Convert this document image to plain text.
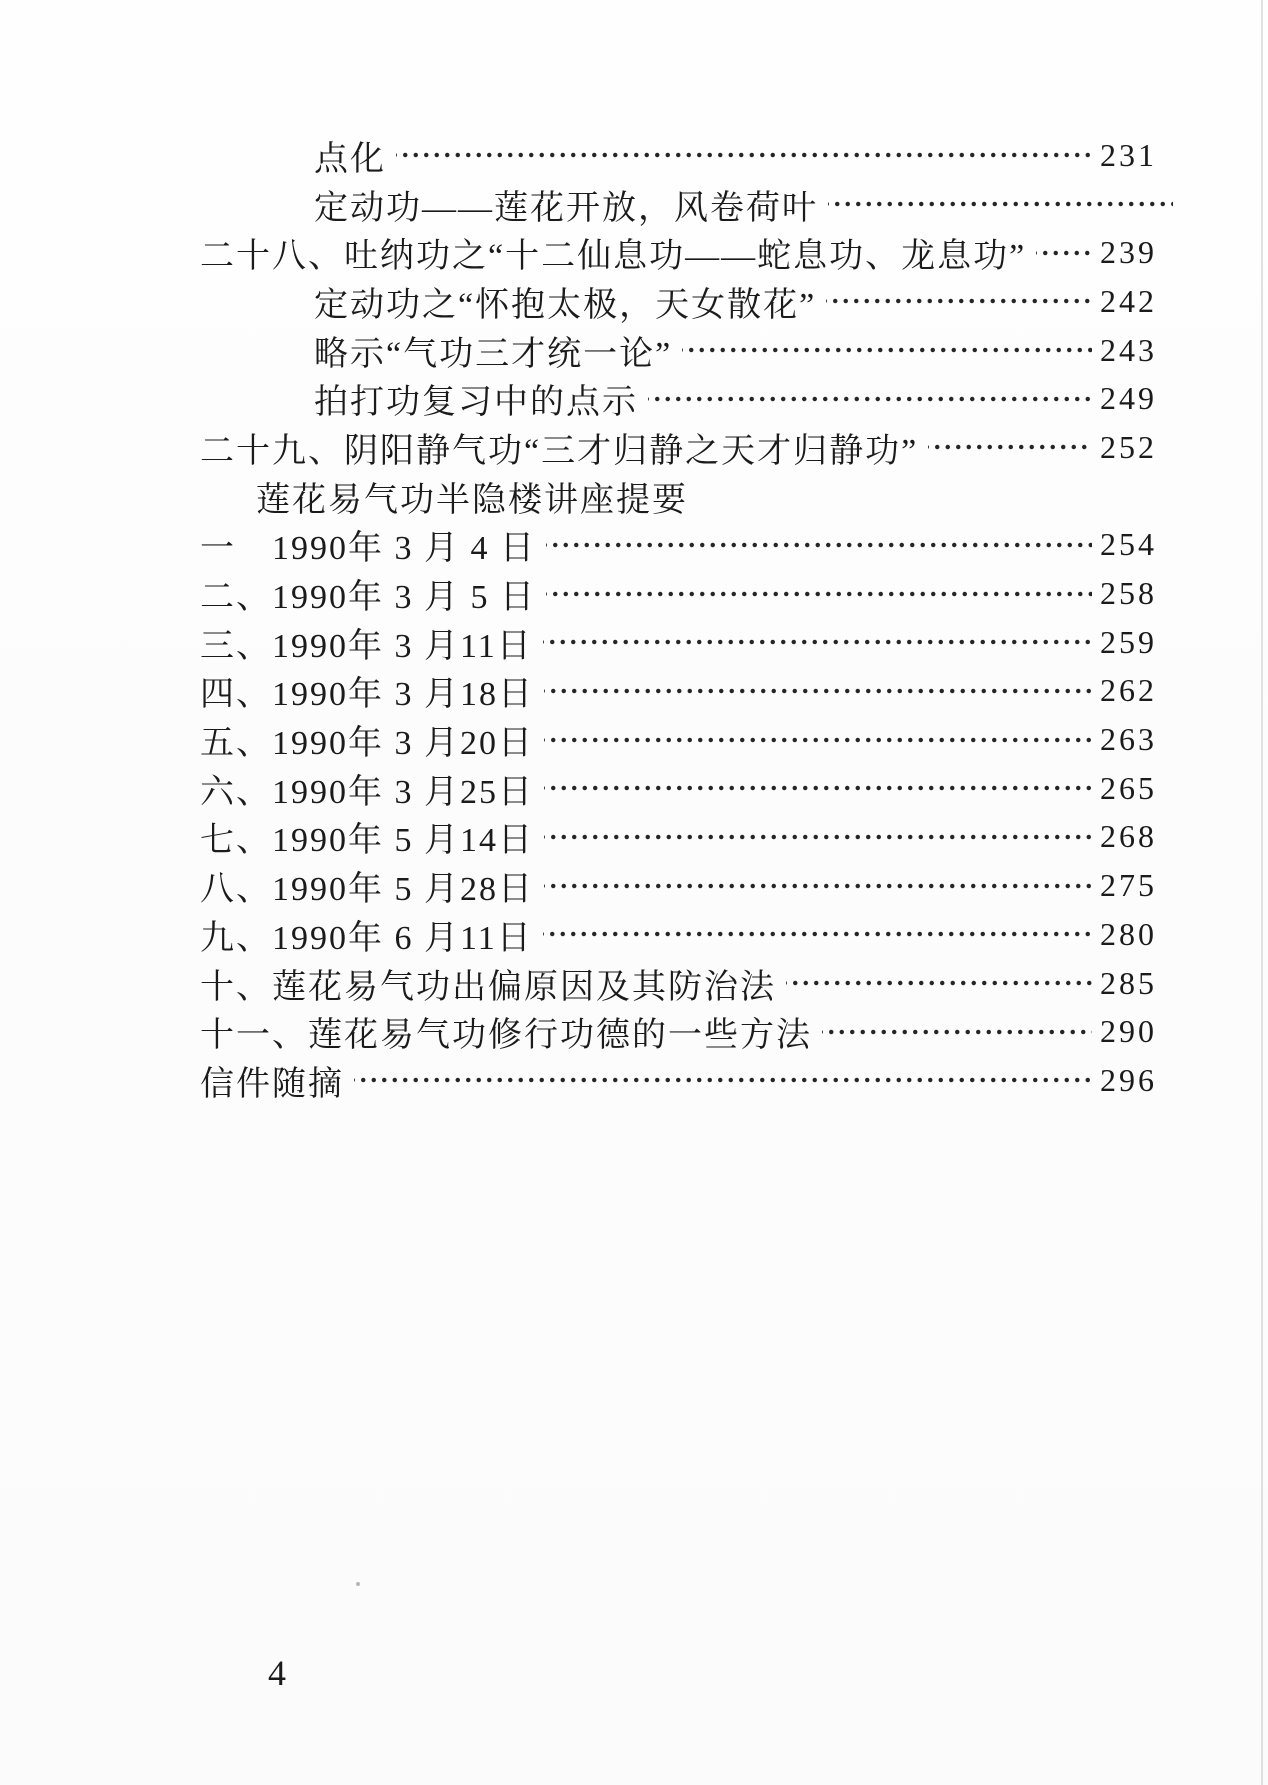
点化	231
定动功——莲花开放，风卷荷叶
二十八、吐纳功之“十二仙息功——蛇息功、龙息功” 239
定动功之“怀抱太极，天女散花”	242
略示“气功三才统一论”	243
拍打功复习中的点示	249
二十九、阴阳静气功“三才归静之天才归静功”	252
莲花易气功半隐楼讲座提要
一　1990年 3 月 4 日	254
二、1990年 3 月 5 日	258
三、1990年 3 月11日	259
四、1990年 3 月18日	262
五、1990年 3 月20日	263
六、1990年 3 月25日	265
七、1990年 5 月14日	268
八、1990年 5 月28日	275
九、1990年 6 月11日	280
十、莲花易气功出偏原因及其防治法	285
十一、莲花易气功修行功德的一些方法	290
信件随摘	296
4
